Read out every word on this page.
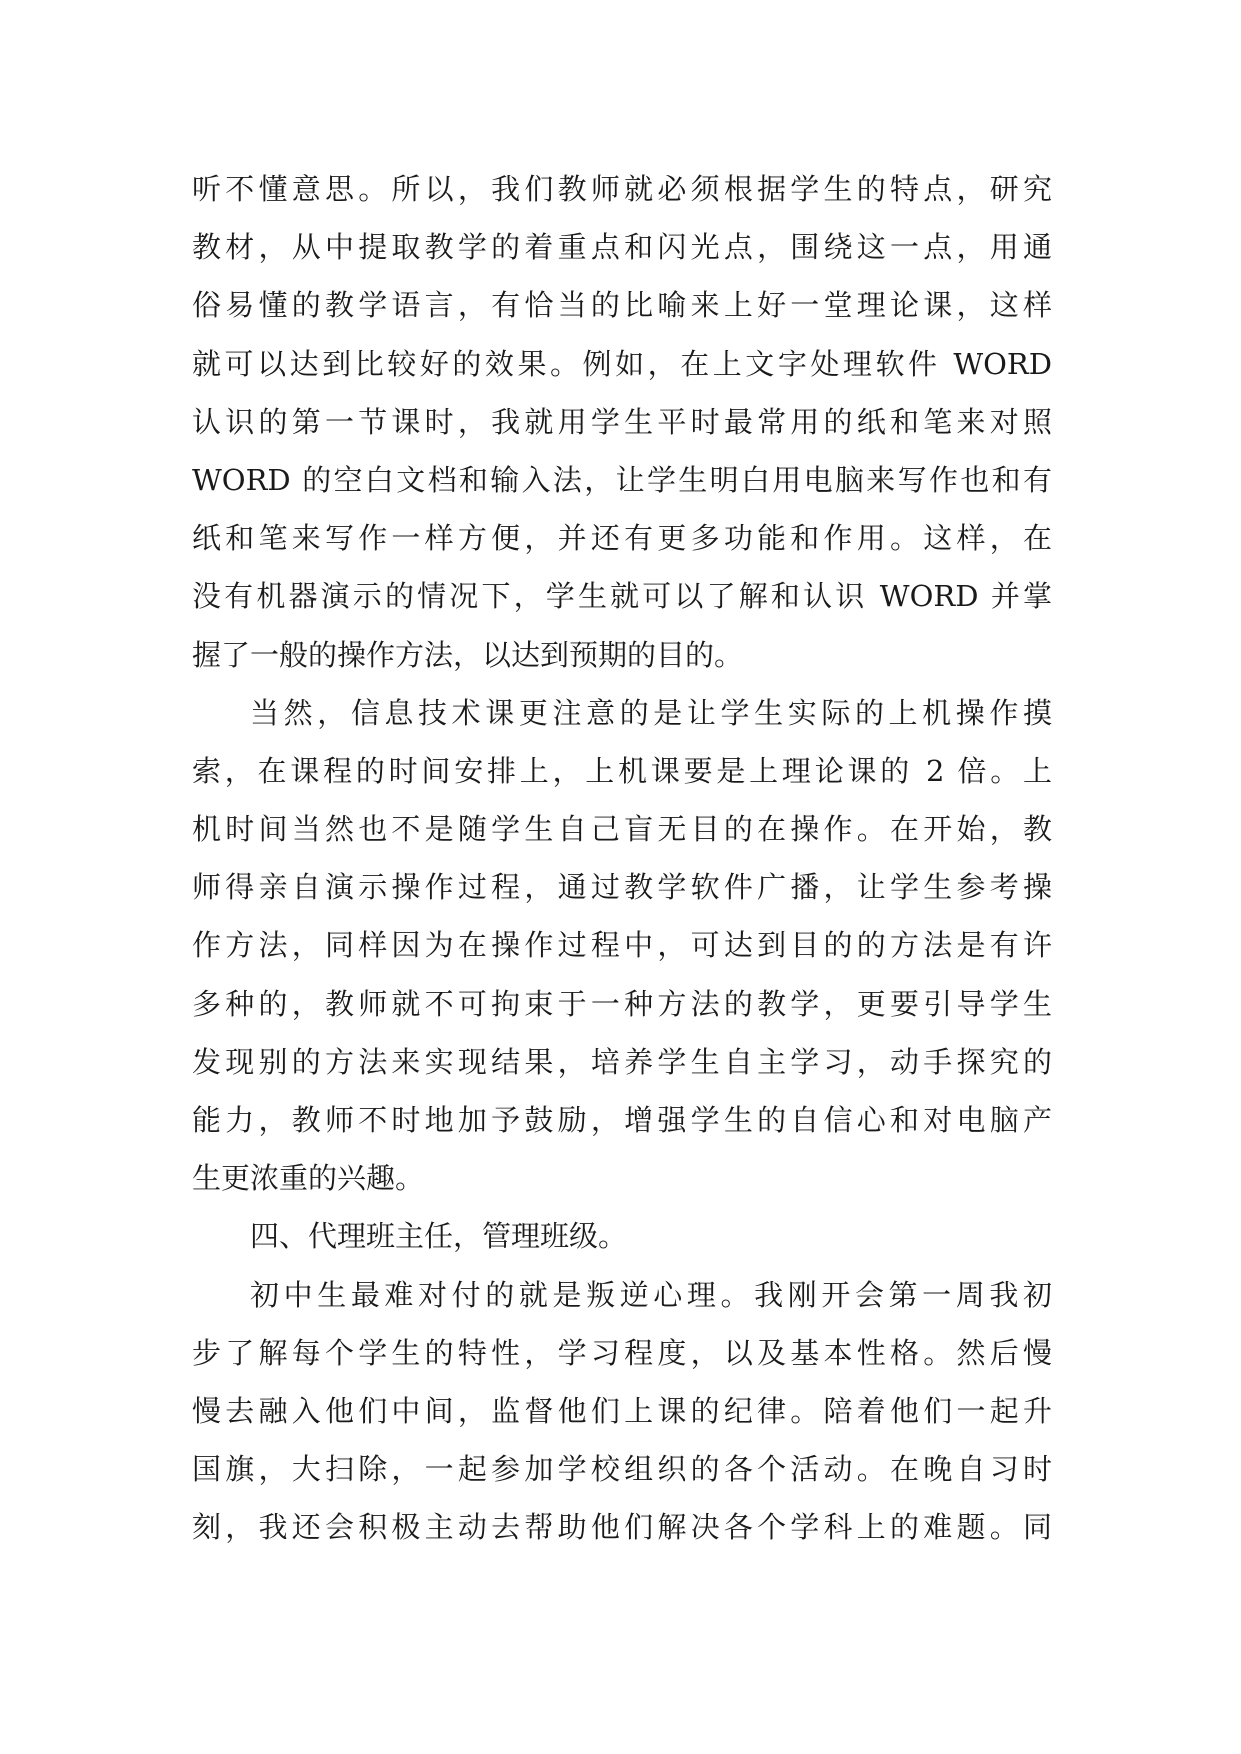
听不懂意思。所以，我们教师就必须根据学生的特点，研究
教材，从中提取教学的着重点和闪光点，围绕这一点，用通
俗易懂的教学语言，有恰当的比喻来上好一堂理论课，这样
就可以达到比较好的效果。例如，在上文字处理软件 WORD
认识的第一节课时，我就用学生平时最常用的纸和笔来对照
WORD 的空白文档和输入法，让学生明白用电脑来写作也和有
纸和笔来写作一样方便，并还有更多功能和作用。这样，在
没有机器演示的情况下，学生就可以了解和认识 WORD 并掌
握了一般的操作方法，以达到预期的目的。
当然，信息技术课更注意的是让学生实际的上机操作摸
索，在课程的时间安排上，上机课要是上理论课的 2 倍。上
机时间当然也不是随学生自己盲无目的在操作。在开始，教
师得亲自演示操作过程，通过教学软件广播，让学生参考操
作方法，同样因为在操作过程中，可达到目的的方法是有许
多种的，教师就不可拘束于一种方法的教学，更要引导学生
发现别的方法来实现结果，培养学生自主学习，动手探究的
能力，教师不时地加予鼓励，增强学生的自信心和对电脑产
生更浓重的兴趣。
四、代理班主任，管理班级。
初中生最难对付的就是叛逆心理。我刚开会第一周我初
步了解每个学生的特性，学习程度，以及基本性格。然后慢
慢去融入他们中间，监督他们上课的纪律。陪着他们一起升
国旗，大扫除，一起参加学校组织的各个活动。在晚自习时
刻，我还会积极主动去帮助他们解决各个学科上的难题。同
